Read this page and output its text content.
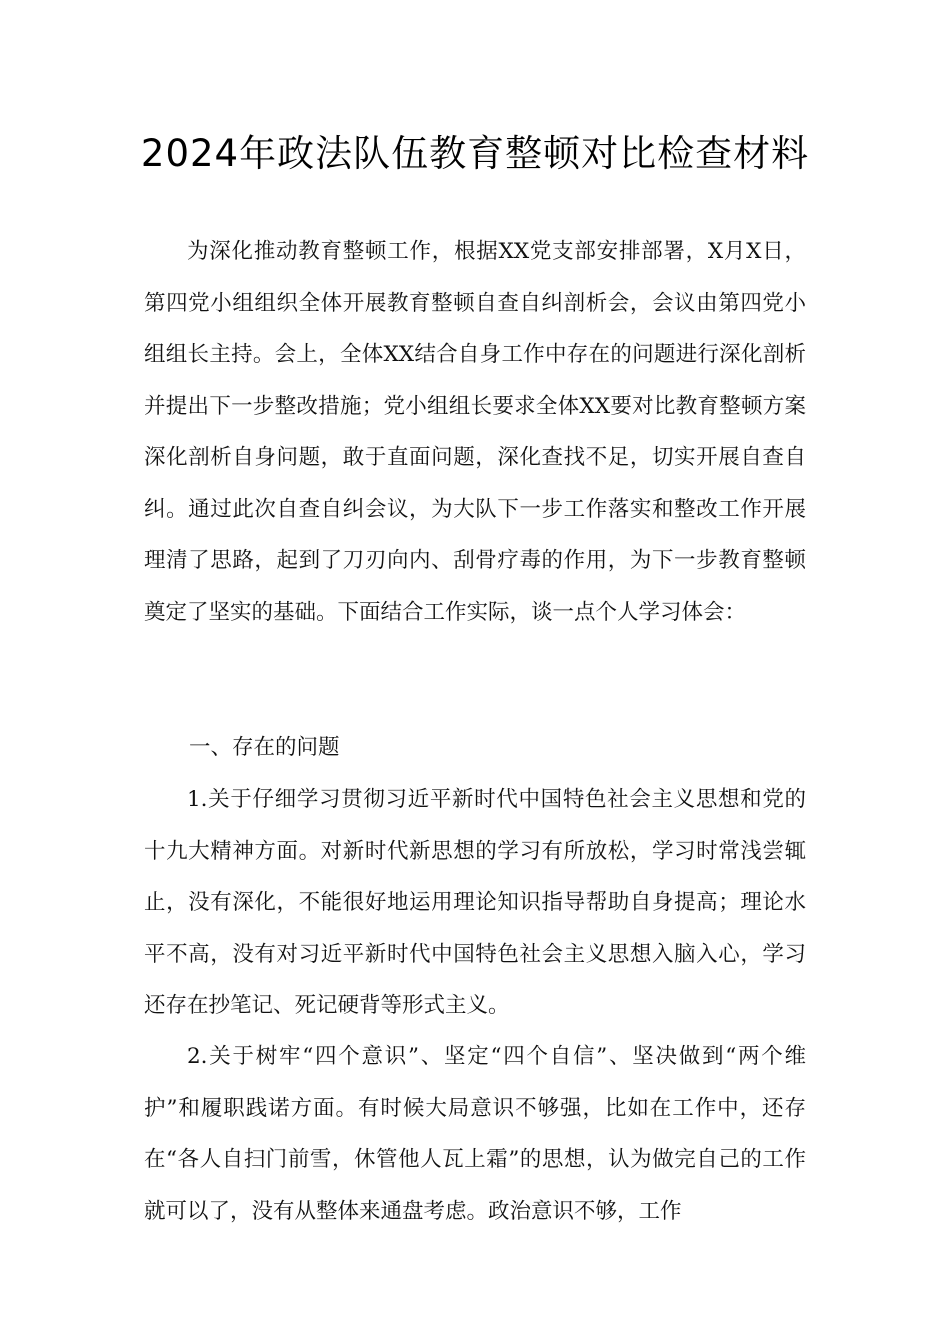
2024年政法队伍教育整顿对比检查材料

为深化推动教育整顿工作，根据XX党支部安排部署，X月X日，第四党小组组织全体开展教育整顿自查自纠剖析会，会议由第四党小组组长主持。会上，全体XX结合自身工作中存在的问题进行深化剖析并提出下一步整改措施；党小组组长要求全体XX要对比教育整顿方案深化剖析自身问题，敢于直面问题，深化查找不足，切实开展自查自纠。通过此次自查自纠会议，为大队下一步工作落实和整改工作开展理清了思路，起到了刀刃向内、刮骨疗毒的作用，为下一步教育整顿奠定了坚实的基础。下面结合工作实际，谈一点个人学习体会：

一、存在的问题

1.关于仔细学习贯彻习近平新时代中国特色社会主义思想和党的十九大精神方面。对新时代新思想的学习有所放松，学习时常浅尝辄止，没有深化，不能很好地运用理论知识指导帮助自身提高；理论水平不高，没有对习近平新时代中国特色社会主义思想入脑入心，学习还存在抄笔记、死记硬背等形式主义。

2.关于树牢“四个意识”、坚定“四个自信”、坚决做到“两个维护”和履职践诺方面。有时候大局意识不够强，比如在工作中，还存在“各人自扫门前雪，休管他人瓦上霜”的思想，认为做完自己的工作就可以了，没有从整体来通盘考虑。政治意识不够，工作
